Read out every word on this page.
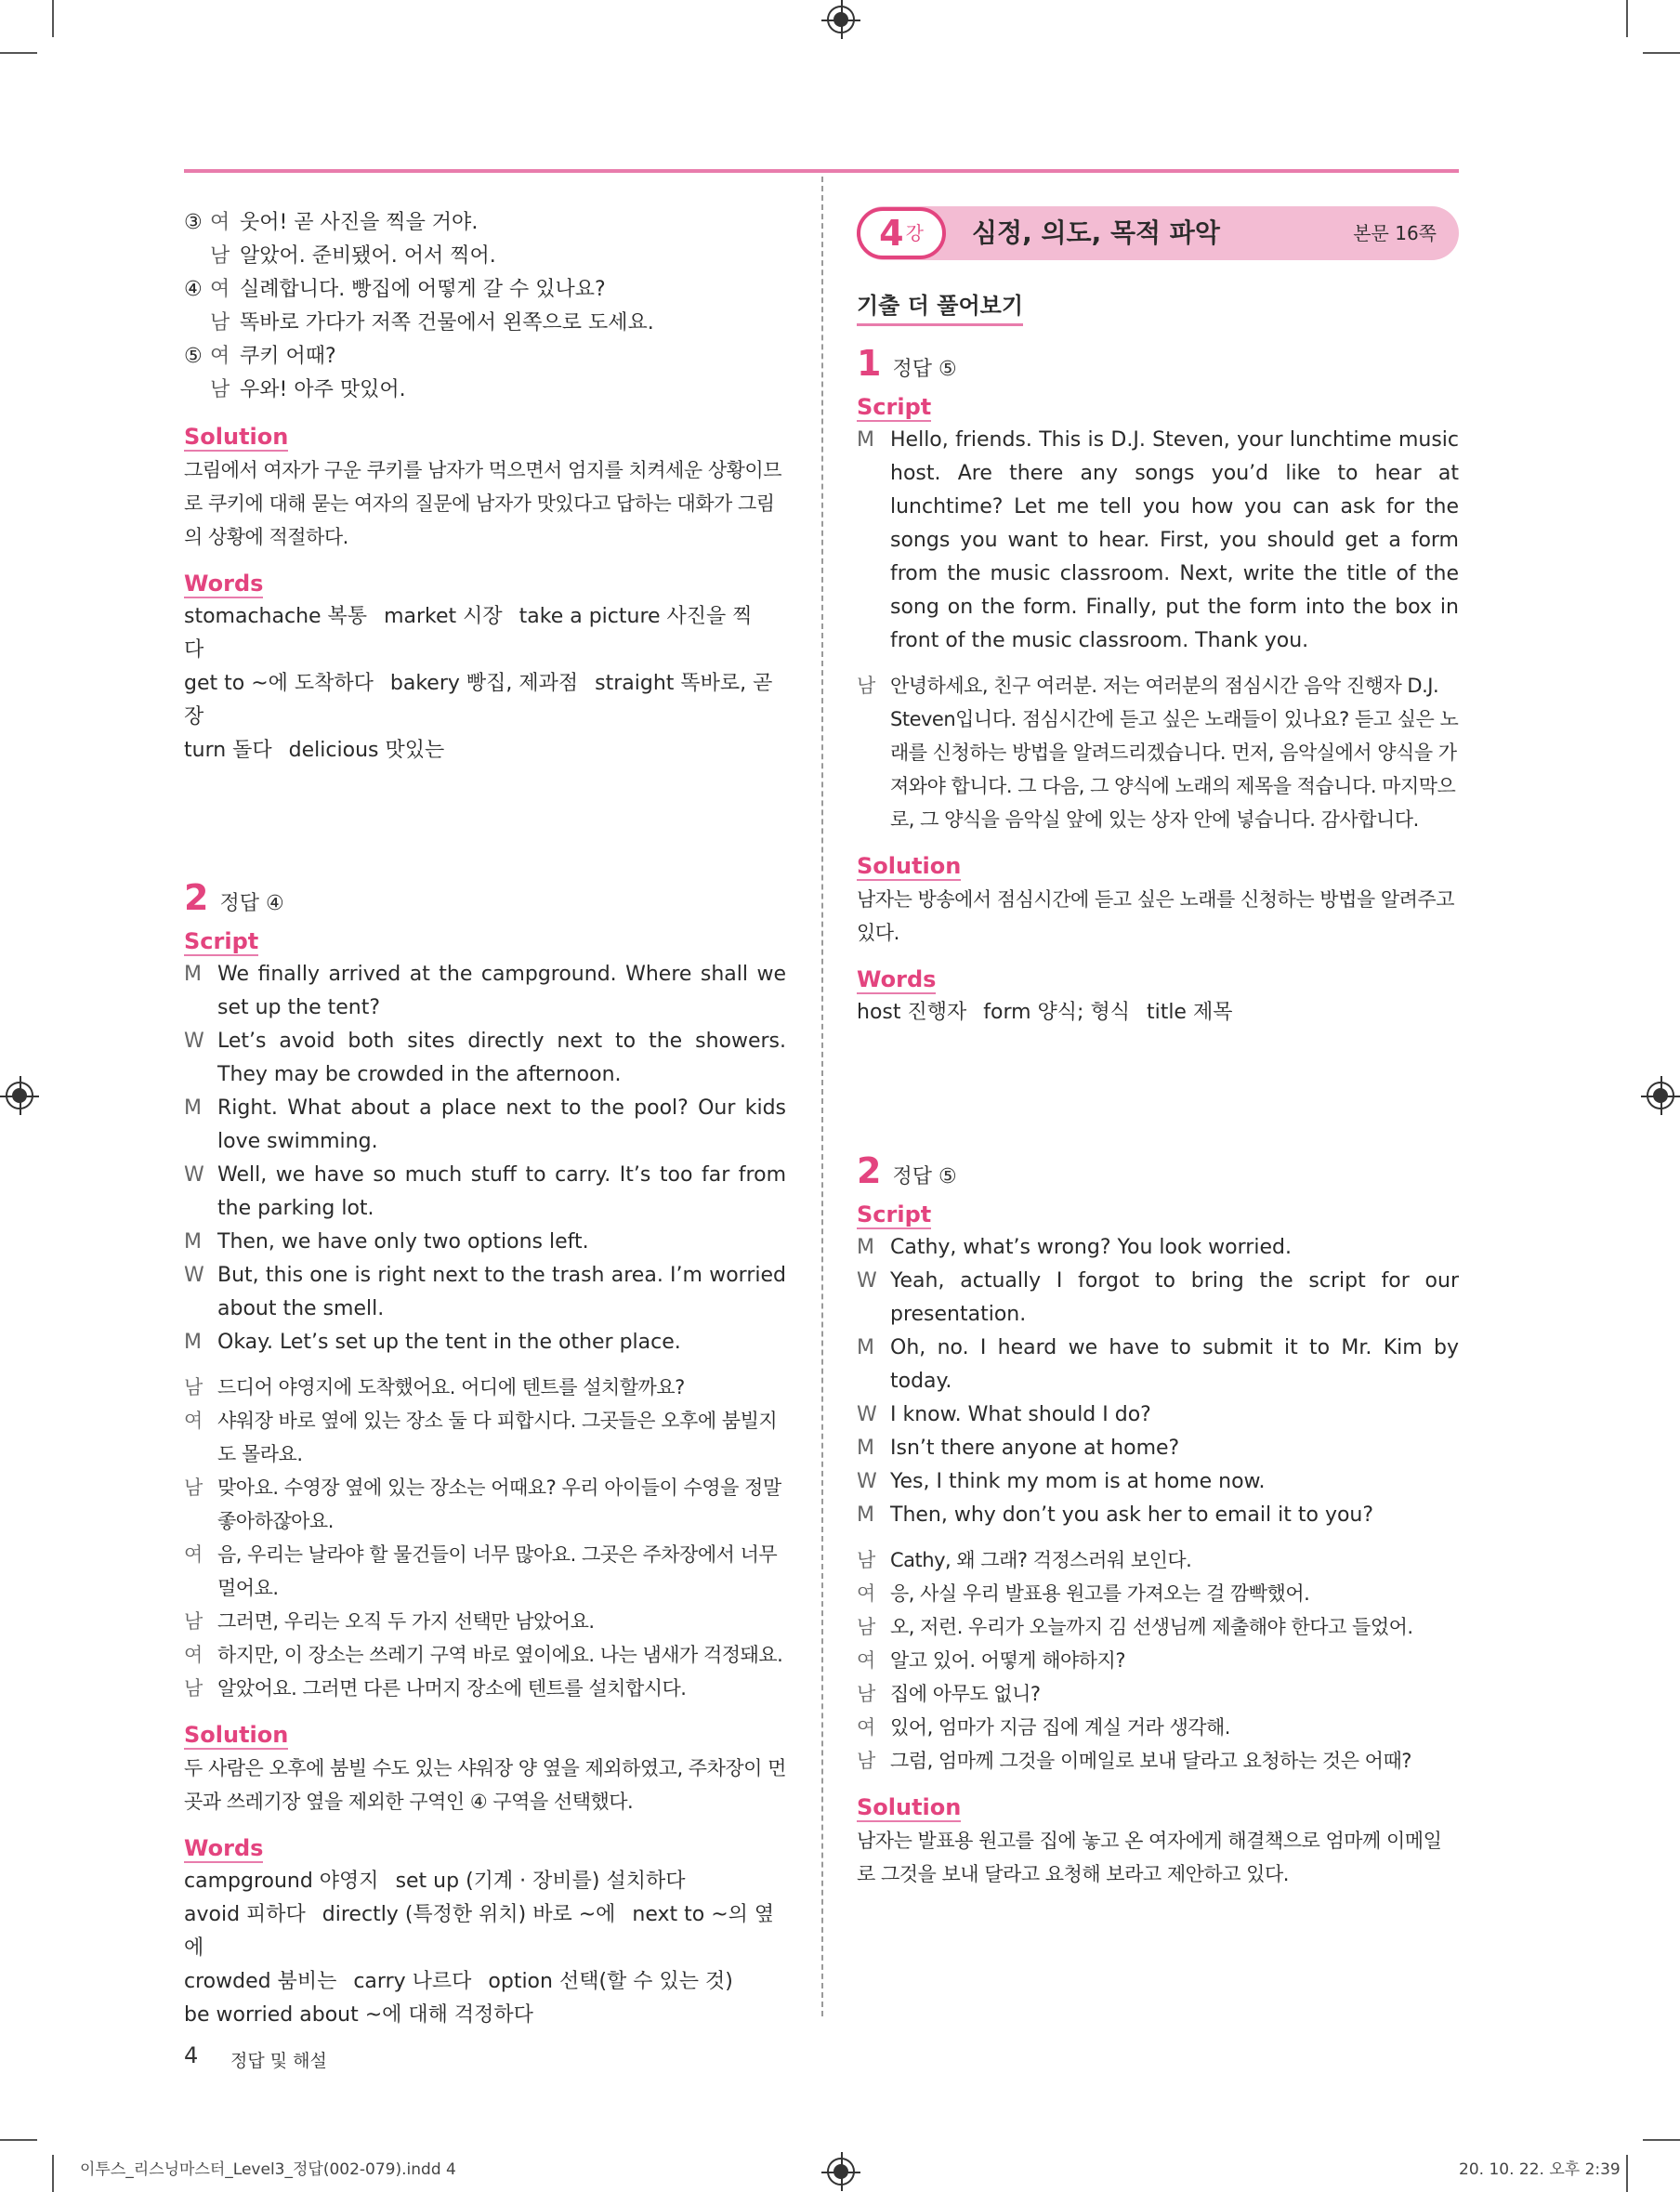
③ 여 웃어! 곧 사진을 찍을 거야.
남 알았어. 준비됐어. 어서 찍어.
④ 여 실례합니다. 빵집에 어떻게 갈 수 있나요?
남 똑바로 가다가 저쪽 건물에서 왼쪽으로 도세요.
⑤ 여 쿠키 어때?
남 우와! 아주 맛있어.
Solution

그림에서 여자가 구운 쿠키를 남자가 먹으면서 엄지를 치켜세운 상황이므로 쿠키에 대해 묻는 여자의 질문에 남자가 맛있다고 답하는 대화가 그림의 상황에 적절하다.

Words
stomachache 복통 market 시장 take a picture 사진을 찍다
get to ~에 도착하다 bakery 빵집, 제과점 straight 똑바로, 곧장
turn 돌다 delicious 맛있는
2 정답 ④
Script
M We finally arrived at the campground. Where shall we set up the tent?
W Let’s avoid both sites directly next to the showers. They may be crowded in the afternoon.
M Right. What about a place next to the pool? Our kids love swimming.
W Well, we have so much stuff to carry. It’s too far from the parking lot.
M Then, we have only two options left.
W But, this one is right next to the trash area. I’m worried about the smell.
M Okay. Let’s set up the tent in the other place.
남 드디어 야영지에 도착했어요. 어디에 텐트를 설치할까요?
여 샤워장 바로 옆에 있는 장소 둘 다 피합시다. 그곳들은 오후에 붐빌지도 몰라요.
남 맞아요. 수영장 옆에 있는 장소는 어때요? 우리 아이들이 수영을 정말 좋아하잖아요.
여 음, 우리는 날라야 할 물건들이 너무 많아요. 그곳은 주차장에서 너무 멀어요.
남 그러면, 우리는 오직 두 가지 선택만 남았어요.
여 하지만, 이 장소는 쓰레기 구역 바로 옆이에요. 나는 냄새가 걱정돼요.
남 알았어요. 그러면 다른 나머지 장소에 텐트를 설치합시다.
Solution

두 사람은 오후에 붐빌 수도 있는 샤워장 양 옆을 제외하였고, 주차장이 먼 곳과 쓰레기장 옆을 제외한 구역인 ④ 구역을 선택했다.

Words
campground 야영지 set up (기계 · 장비를) 설치하다
avoid 피하다 directly (특정한 위치) 바로 ~에 next to ~의 옆에
crowded 붐비는 carry 나르다 option 선택(할 수 있는 것)
be worried about ~에 대해 걱정하다
4 강 심정, 의도, 목적 파악	본문 16쪽
기출 더 풀어보기
1 정답 ⑤
Script
M Hello, friends. This is D.J. Steven, your lunchtime music host. Are there any songs you’d like to hear at lunchtime? Let me tell you how you can ask for the songs you want to hear. First, you should get a form from the music classroom. Next, write the title of the song on the form. Finally, put the form into the box in front of the music classroom. Thank you.
남 안녕하세요, 친구 여러분. 저는 여러분의 점심시간 음악 진행자 D.J. Steven입니다. 점심시간에 듣고 싶은 노래들이 있나요? 듣고 싶은 노래를 신청하는 방법을 알려드리겠습니다. 먼저, 음악실에서 양식을 가져와야 합니다. 그 다음, 그 양식에 노래의 제목을 적습니다. 마지막으로, 그 양식을 음악실 앞에 있는 상자 안에 넣습니다. 감사합니다.
Solution

남자는 방송에서 점심시간에 듣고 싶은 노래를 신청하는 방법을 알려주고 있다.

Words
host 진행자 form 양식; 형식 title 제목
2 정답 ⑤
Script
M Cathy, what’s wrong? You look worried.
W Yeah, actually I forgot to bring the script for our presentation.
M Oh, no. I heard we have to submit it to Mr. Kim by today.
W I know. What should I do?
M Isn’t there anyone at home?
W Yes, I think my mom is at home now.
M Then, why don’t you ask her to email it to you?
남 Cathy, 왜 그래? 걱정스러워 보인다.
여 응, 사실 우리 발표용 원고를 가져오는 걸 깜빡했어.
남 오, 저런. 우리가 오늘까지 김 선생님께 제출해야 한다고 들었어.
여 알고 있어. 어떻게 해야하지?
남 집에 아무도 없니?
여 있어, 엄마가 지금 집에 계실 거라 생각해.
남 그럼, 엄마께 그것을 이메일로 보내 달라고 요청하는 것은 어때?
Solution

남자는 발표용 원고를 집에 놓고 온 여자에게 해결책으로 엄마께 이메일로 그것을 보내 달라고 요청해 보라고 제안하고 있다.

4 정답 및 해설
이투스_리스닝마스터_Level3_정답(002-079).indd 4	20. 10. 22. 오후 2:39
